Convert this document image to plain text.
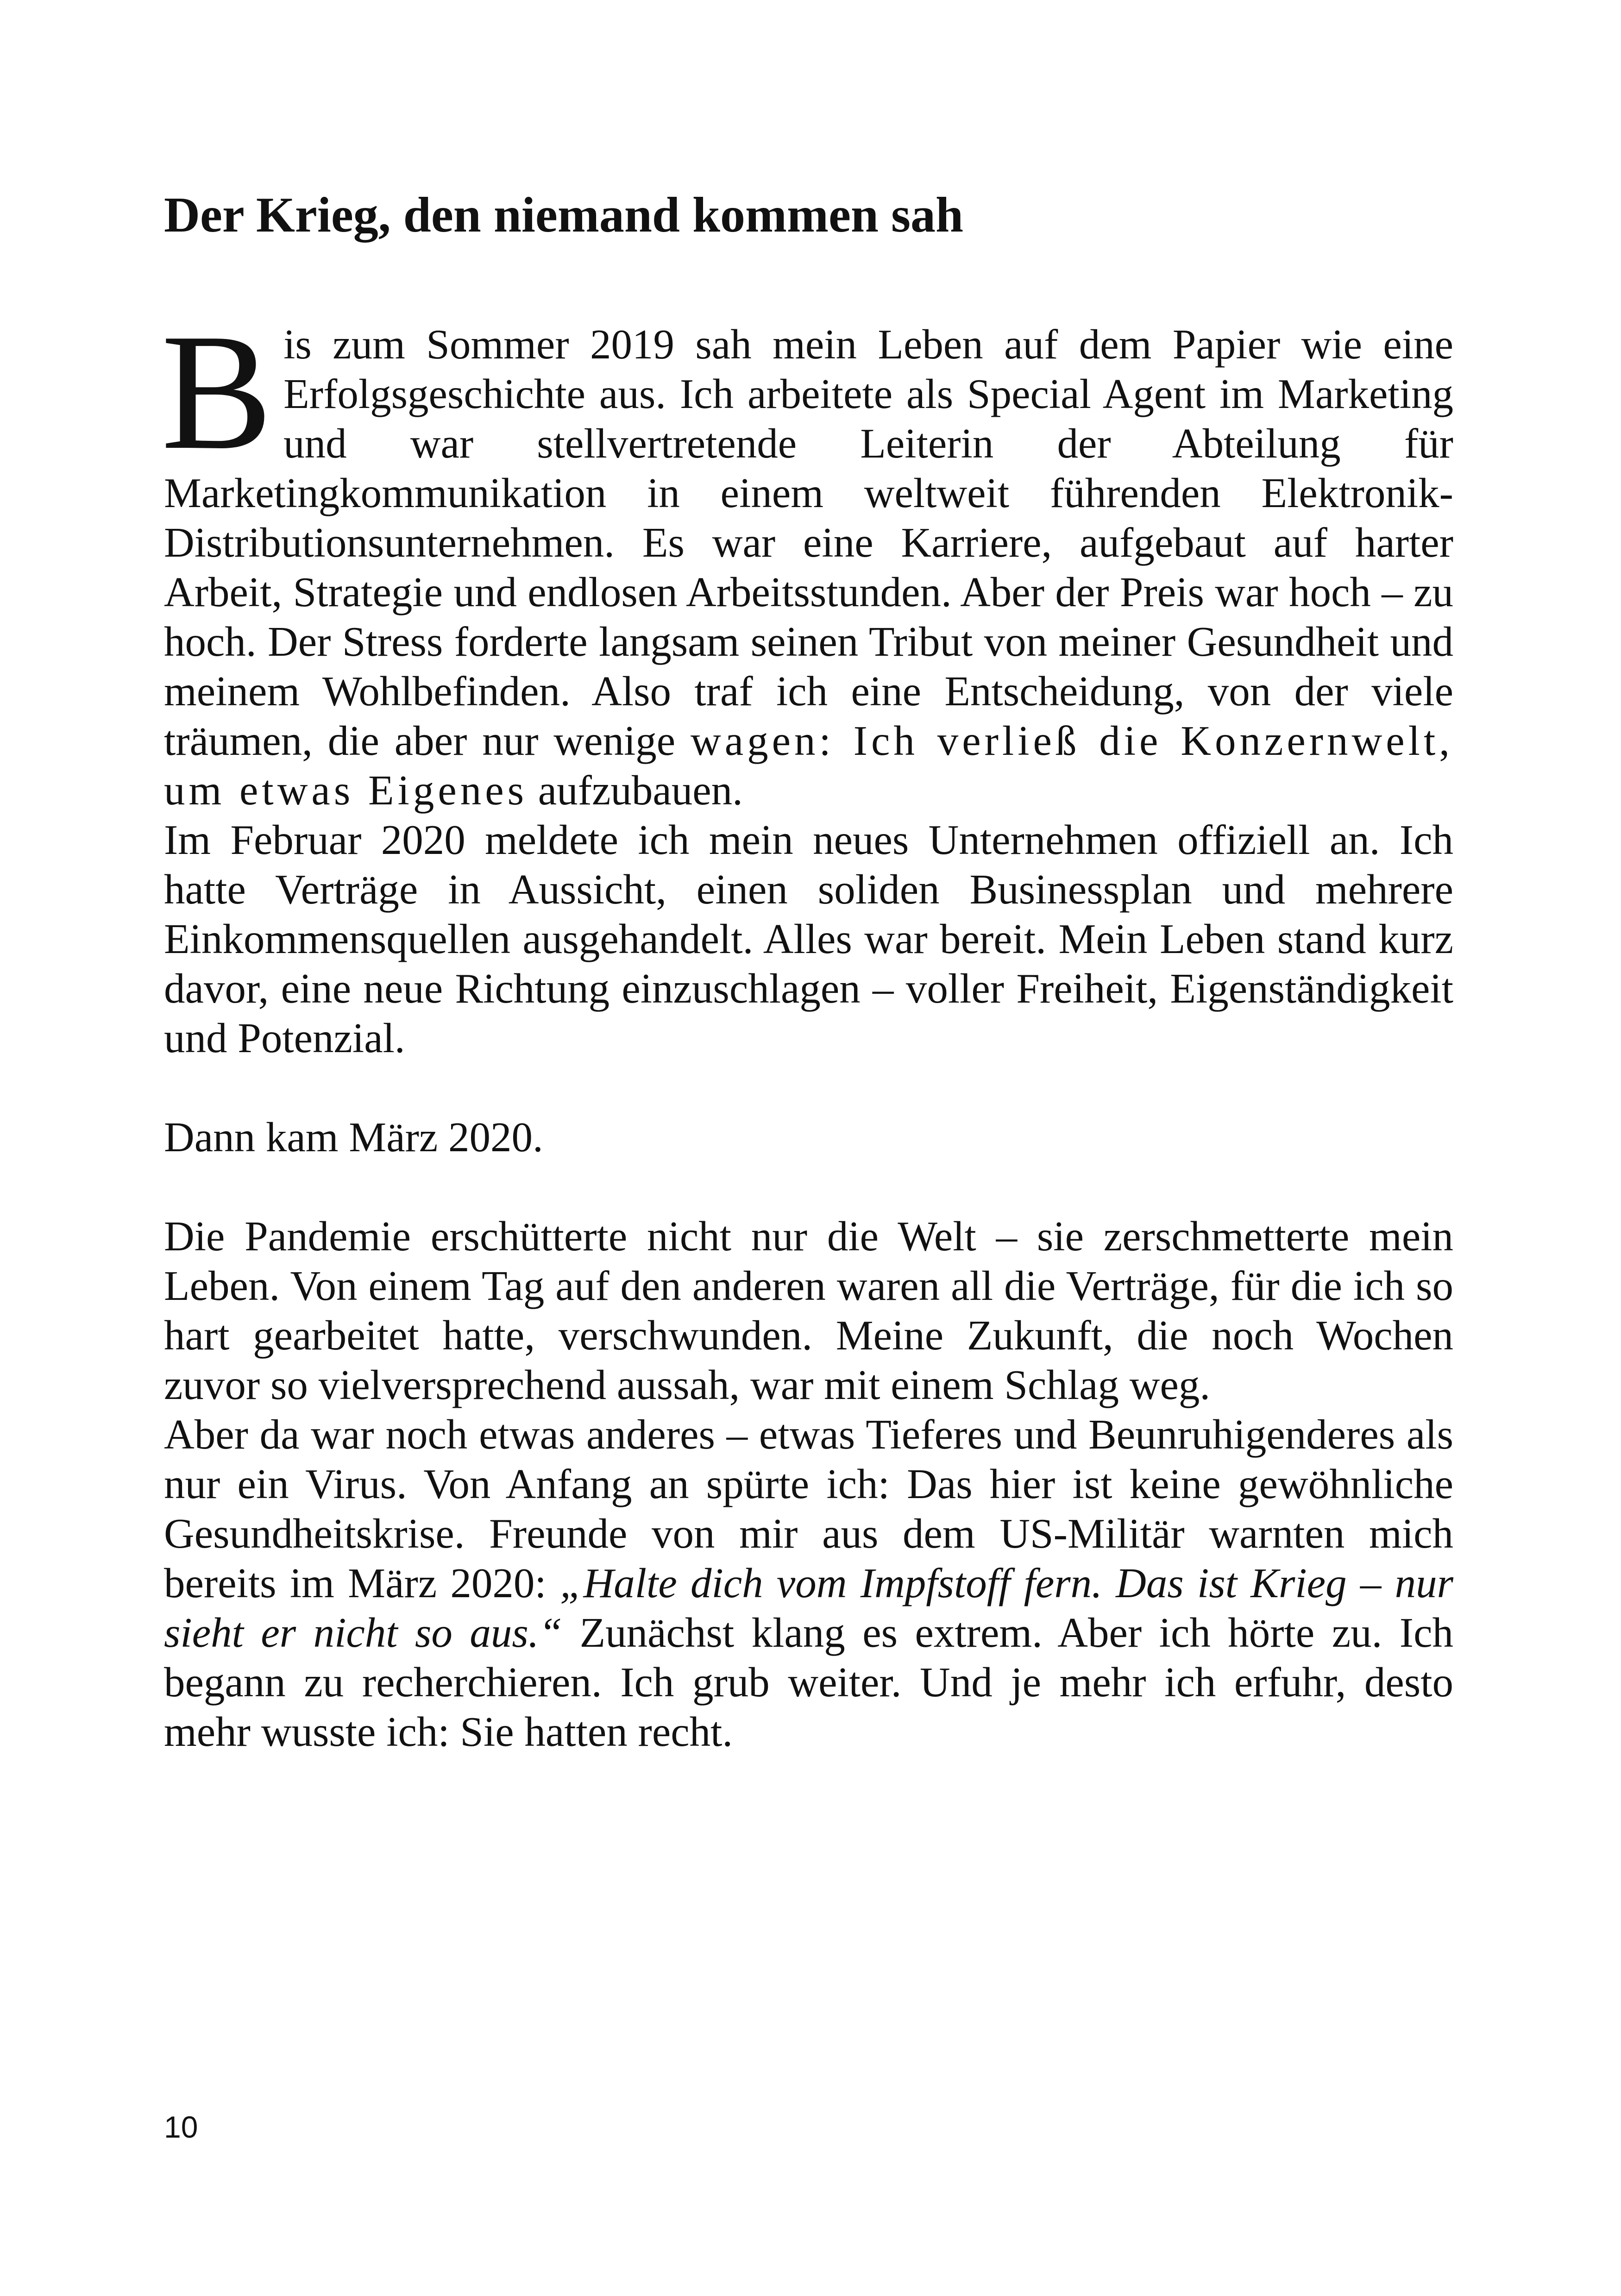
Der Krieg, den niemand kommen sah

Bis zum Sommer 2019 sah mein Leben auf dem Papier wie eine Erfolgsgeschichte aus. Ich arbeitete als Special Agent im Marketing und war stellvertretende Leiterin der Abteilung für Marketingkommunikation in einem weltweit führenden Elektronik-Distributionsunternehmen. Es war eine Karriere, aufgebaut auf harter Arbeit, Strategie und endlosen Arbeitsstunden. Aber der Preis war hoch – zu hoch. Der Stress forderte langsam seinen Tribut von meiner Gesundheit und meinem Wohlbefinden. Also traf ich eine Entscheidung, von der viele träumen, die aber nur wenige wagen: Ich verließ die Konzernwelt, um etwas Eigenes aufzubauen.

Im Februar 2020 meldete ich mein neues Unternehmen offiziell an. Ich hatte Verträge in Aussicht, einen soliden Businessplan und mehrere Einkommensquellen ausgehandelt. Alles war bereit. Mein Leben stand kurz davor, eine neue Richtung einzuschlagen – voller Freiheit, Eigenständigkeit und Potenzial.

Dann kam März 2020.

Die Pandemie erschütterte nicht nur die Welt – sie zerschmetterte mein Leben. Von einem Tag auf den anderen waren all die Verträge, für die ich so hart gearbeitet hatte, verschwunden. Meine Zukunft, die noch Wochen zuvor so vielversprechend aussah, war mit einem Schlag weg.

Aber da war noch etwas anderes – etwas Tieferes und Beunruhigenderes als nur ein Virus. Von Anfang an spürte ich: Das hier ist keine gewöhnliche Gesundheitskrise. Freunde von mir aus dem US-Militär warnten mich bereits im März 2020: „Halte dich vom Impfstoff fern. Das ist Krieg – nur sieht er nicht so aus.“ Zunächst klang es extrem. Aber ich hörte zu. Ich begann zu recherchieren. Ich grub weiter. Und je mehr ich erfuhr, desto mehr wusste ich: Sie hatten recht.

10
